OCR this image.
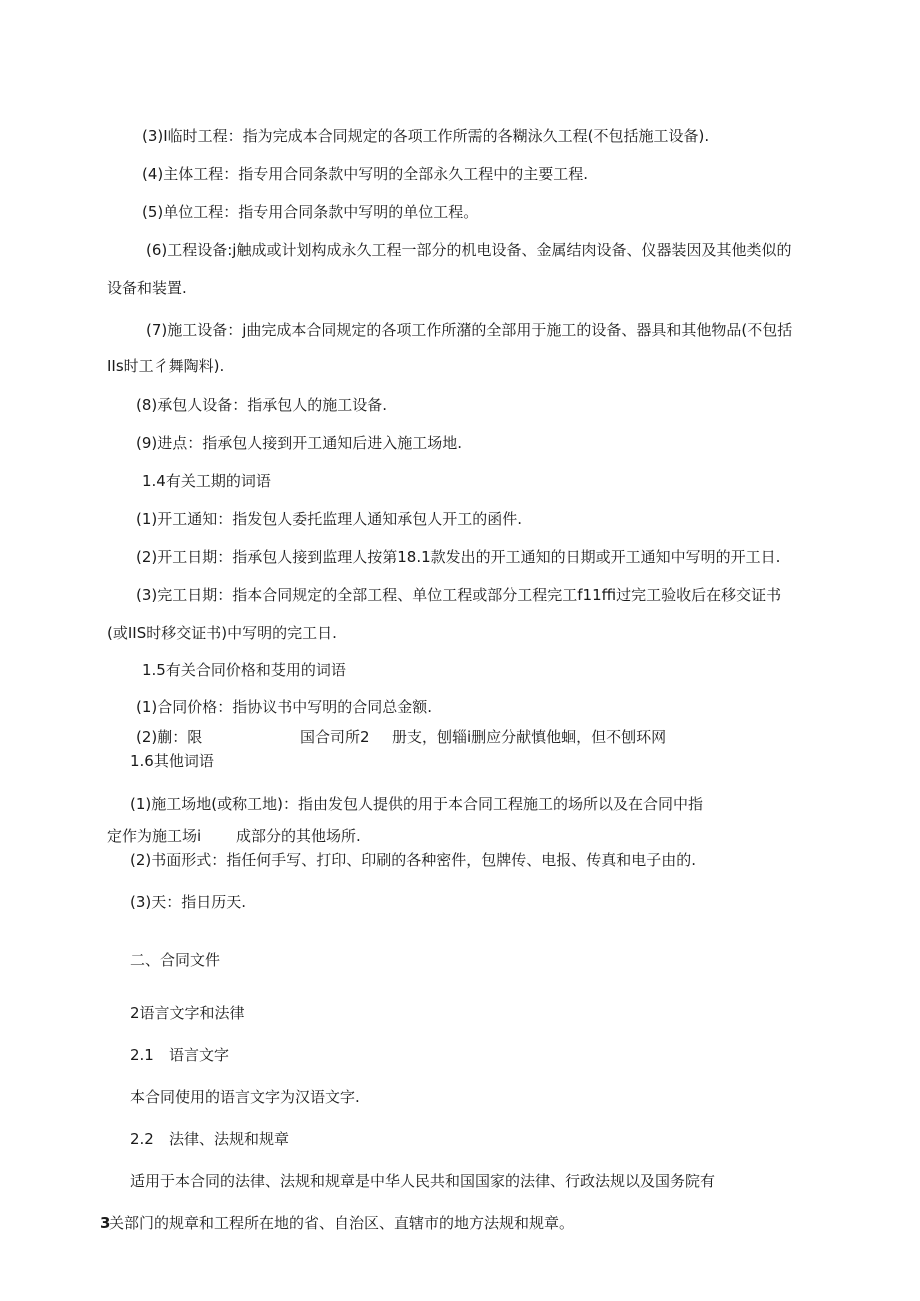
(3)I临时工程：指为完成本合同规定的各项工作所需的各糊泳久工程(不包括施工设备).
(4)主体工程：指专用合同条款中写明的全部永久工程中的主要工程.
(5)单位工程：指专用合同条款中写明的单位工程。
(6)工程设备:j触成或计划构成永久工程一部分的机电设备、金属结肉设备、仪器装因及其他类似的
设备和装置.
(7)施工设备：j曲完成本合同规定的各项工作所潴的全部用于施工的设备、器具和其他物品(不包括
IIs时工彳舞陶料).
(8)承包人设备：指承包人的施工设备.
(9)进点：指承包人接到开工通知后进入施工场地.
1.4有关工期的词语
(1)开工通知：指发包人委托监理人通知承包人开工的函件.
(2)开工日期：指承包人接到监理人按第18.1款发出的开工通知的日期或开工通知中写明的开工日.
(3)完工日期：指本合同规定的全部工程、单位工程或部分工程完工f11ffi过完工验收后在移交证书
(或IIS时移交证书)中写明的完工日.
1.5有关合同价格和芟用的词语
(1)合同价格：指协议书中写明的合同总金额.
(2)蒯：限	国合司所2 册支，刨辎i删应分献慎他蛔，但不刨环网
1.6其他词语
(1)施工场地(或称工地)：指由发包人提供的用于本合同工程施工的场所以及在合同中指
定作为施工场i 成部分的其他场所.
(2)书面形式：指任何手写、打印、印刷的各种密件，包牌传、电报、传真和电子由的.
(3)天：指日历天.
二、合同文件
2语言文字和法律
2.1 语言文字
本合同使用的语言文字为汉语文字.
2.2 法律、法规和规章
适用于本合同的法律、法规和规章是中华人民共和国国家的法律、行政法规以及国务院有
3
关部门的规章和工程所在地的省、自治区、直辖市的地方法规和规章。
